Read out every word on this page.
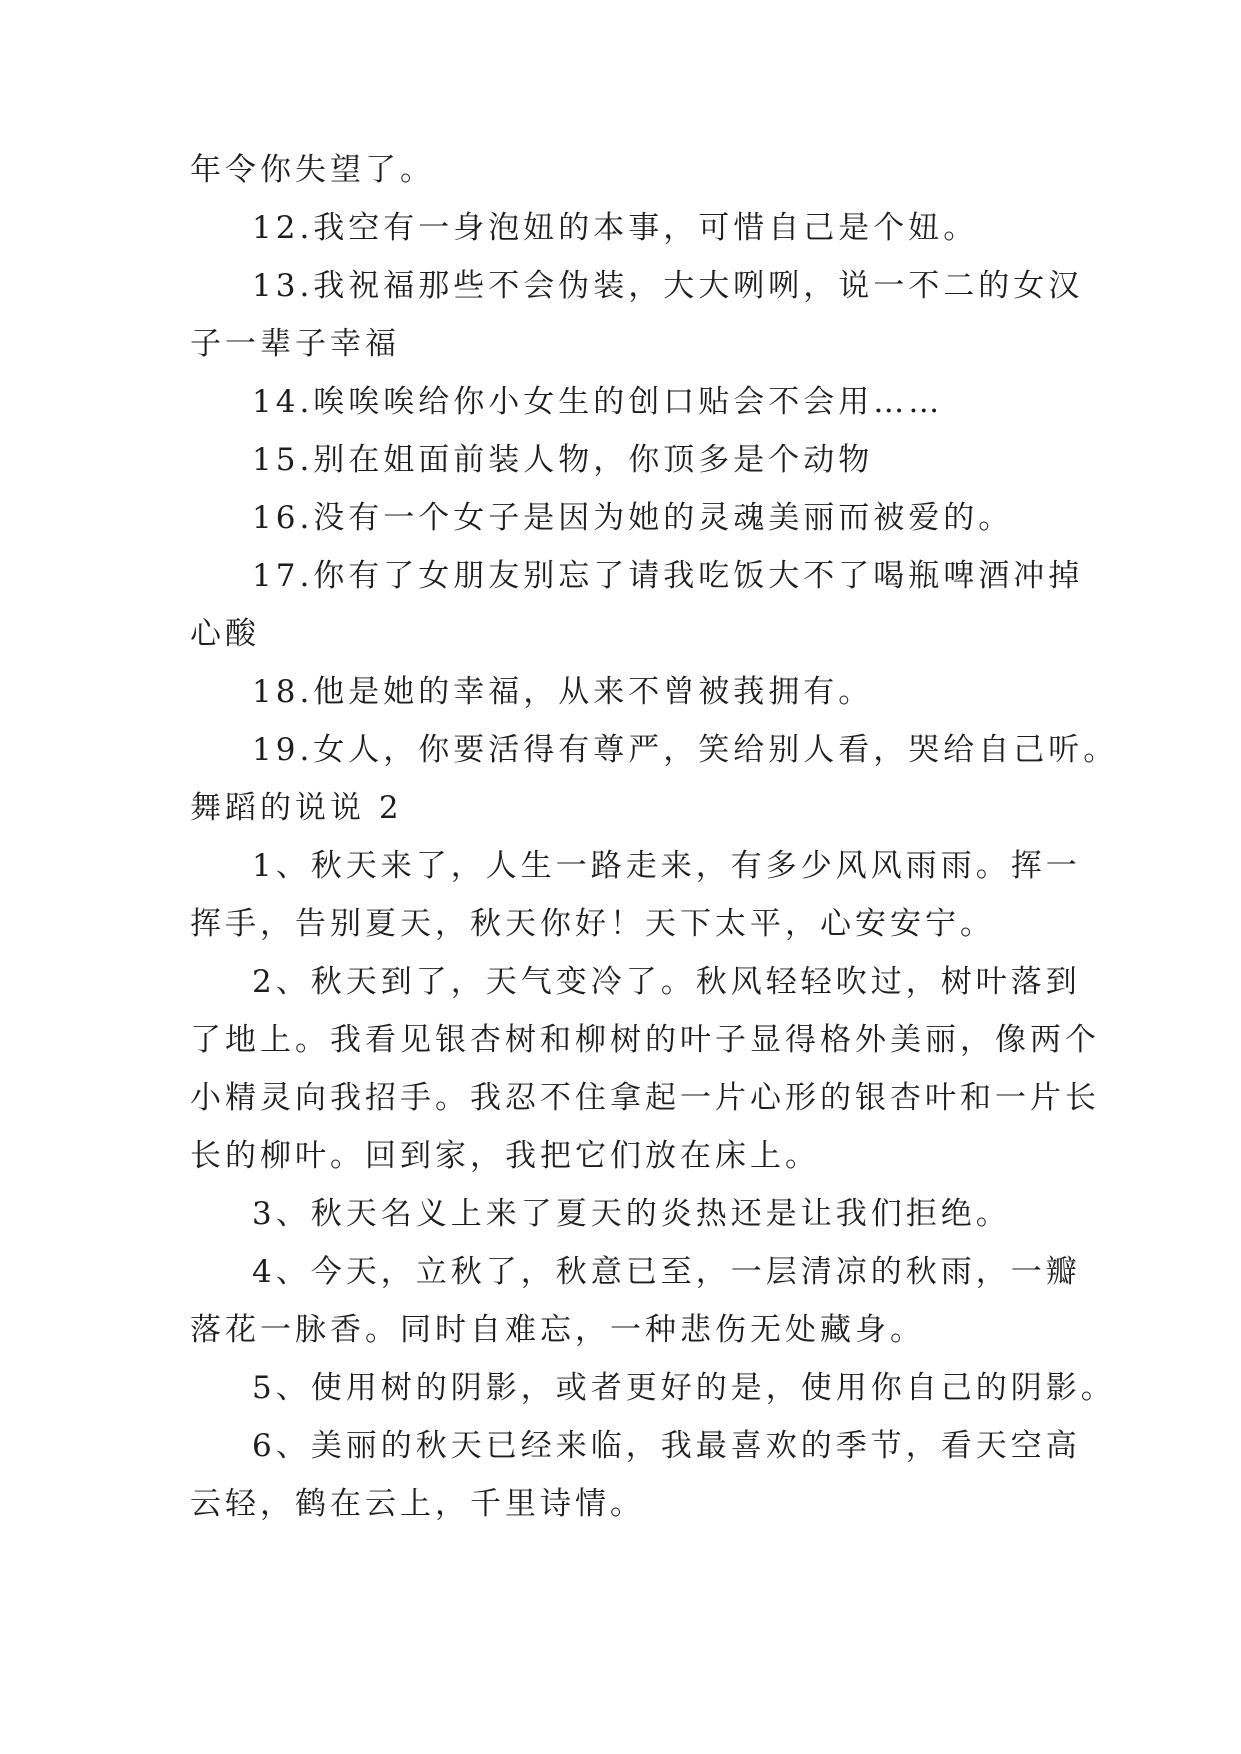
年令你失望了。
12.我空有一身泡妞的本事，可惜自己是个妞。
13.我祝福那些不会伪装，大大咧咧，说一不二的女汉
子一辈子幸福
14.唉唉唉给你小女生的创口贴会不会用……
15.别在姐面前装人物，你顶多是个动物
16.没有一个女子是因为她的灵魂美丽而被爱的。
17.你有了女朋友别忘了请我吃饭大不了喝瓶啤酒冲掉
心酸
18.他是她的幸福，从来不曾被莪拥有。
19.女人，你要活得有尊严，笑给别人看，哭给自己听。
舞蹈的说说 2
1、秋天来了，人生一路走来，有多少风风雨雨。挥一
挥手，告别夏天，秋天你好！天下太平，心安安宁。
2、秋天到了，天气变冷了。秋风轻轻吹过，树叶落到
了地上。我看见银杏树和柳树的叶子显得格外美丽，像两个
小精灵向我招手。我忍不住拿起一片心形的银杏叶和一片长
长的柳叶。回到家，我把它们放在床上。
3、秋天名义上来了夏天的炎热还是让我们拒绝。
4、今天，立秋了，秋意已至，一层清凉的秋雨，一瓣
落花一脉香。同时自难忘，一种悲伤无处藏身。
5、使用树的阴影，或者更好的是，使用你自己的阴影。
6、美丽的秋天已经来临，我最喜欢的季节，看天空高
云轻，鹤在云上，千里诗情。
